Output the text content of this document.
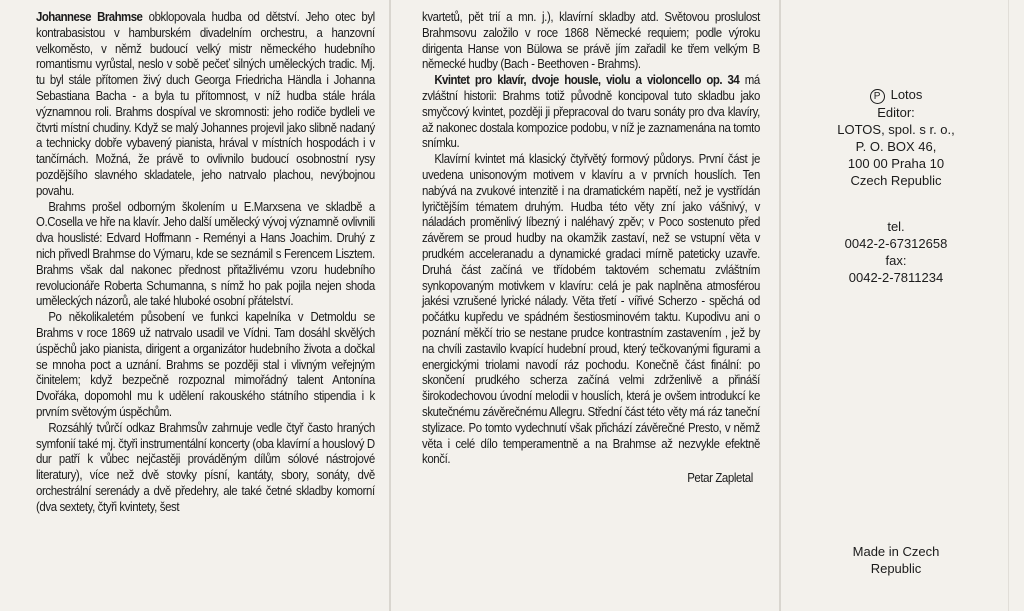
Johannese Brahmse obklopovala hudba od dětství. Jeho otec byl kontrabasistou v hamburském divadelním orchestru, a hanzovní velkoměsto, v němž budoucí velký mistr německého hudebního romantismu vyrůstal, neslo v sobě pečeť silných uměleckých tradic. Mj. tu byl stále přítomen živý duch Georga Friedricha Händla i Johanna Sebastiana Bacha - a byla tu přítomnost, v níž hudba stále hrála významnou roli. Brahms dospíval ve skromnosti: jeho rodiče bydleli ve čtvrti místní chudiny. Když se malý Johannes projevil jako slibně nadaný a technicky dobře vybavený pianista, hrával v místních hospodách i v tančírnách. Možná, že právě to ovlivnilo budoucí osobnostní rysy pozdějšího slavného skladatele, jeho natrvalo plachou, nevýbojnou povahu.

Brahms prošel odborným školením u E.Marxsena ve skladbě a O.Cosella ve hře na klavír. Jeho další umělecký vývoj významně ovlivnili dva houslisté: Edvard Hoffmann - Reményi a Hans Joachim. Druhý z nich přivedl Brahmse do Výmaru, kde se seznámil s Ferencem Lisztem. Brahms však dal nakonec přednost přitažlivému vzoru hudebního revolucionáře Roberta Schumanna, s nímž ho pak pojila nejen shoda uměleckých názorů, ale také hluboké osobní přátelství.

Po několikaletém působení ve funkci kapelníka v Detmoldu se Brahms v roce 1869 už natrvalo usadil ve Vídni. Tam dosáhl skvělých úspěchů jako pianista, dirigent a organizátor hudebního života a dočkal se mnoha poct a uznání. Brahms se později stal i vlivným veřejným činitelem; když bezpečně rozpoznal mimořádný talent Antonína Dvořáka, dopomohl mu k udělení rakouského státního stipendia i k prvním světovým úspěchům.

Rozsáhlý tvůrčí odkaz Brahmsův zahrnuje vedle čtyř často hraných symfonií také mj. čtyři instrumentální koncerty (oba klavírní a houslový D dur patří k vůbec nejčastěji prováděným dílům sólové nástrojové literatury), více než dvě stovky písní, kantáty, sbory, sonáty, dvě orchestrální serenády a dvě předehry, ale také četné skladby komorní (dva sextety, čtyři kvintety, šest

kvartetů, pět trií a mn. j.), klavírní skladby atd. Světovou proslulost Brahmsovu založilo v roce 1868 Německé requiem; podle výroku dirigenta Hanse von Bülowa se právě jím zařadil ke třem velkým B německé hudby (Bach - Beethoven - Brahms).

Kvintet pro klavír, dvoje housle, violu a violoncello op. 34 má zvláštní historii: Brahms totiž původně koncipoval tuto skladbu jako smyčcový kvintet, později ji přepracoval do tvaru sonáty pro dva klavíry, až nakonec dostala kompozice podobu, v níž je zaznamenána na tomto snímku.

Klavírní kvintet má klasický čtyřvětý formový půdorys. První část je uvedena unisonovým motivem v klavíru a v prvních houslích. Ten nabývá na zvukové intenzitě i na dramatickém napětí, než je vystřídán lyričtějším tématem druhým. Hudba této věty zní jako vášnivý, v náladách proměnlivý líbezný i naléhavý zpěv; v Poco sostenuto před závěrem se proud hudby na okamžik zastaví, než se vstupní věta v prudkém acceleranadu a dynamické gradaci mírně pateticky uzavře. Druhá část začíná ve třídobém taktovém schematu zvláštním synkopovaným motivkem v klavíru: celá je pak naplněna atmosférou jakési vzrušené lyrické nálady. Věta třetí - vířivé Scherzo - spěchá od počátku kupředu ve spádném šestiosminovém taktu. Kupodivu ani o poznání měkčí trio se nestane prudce kontrastním zastavením , jež by na chvíli zastavilo kvapící hudební proud, který tečkovanými figurami a energickými triolami navodí ráz pochodu. Konečně část finální: po skončení prudkého scherza začíná velmi zdrženlivě a přináší širokodechovou úvodní melodii v houslích, která je ovšem introdukcí ke skutečnému závěrečnému Allegru. Střední část této věty má ráz taneční stylizace. Po tomto vydechnutí však přichází závěrečné Presto, v němž věta i celé dílo temperamentně a na Brahmse až nezvykle efektně končí.

Petar Zapletal
P Lotos
Editor:
LOTOS, spol. s r. o.,
P. O. BOX 46,
100 00 Praha 10
Czech Republic
tel.
0042-2-67312658
fax:
0042-2-7811234
Made in Czech
Republic
